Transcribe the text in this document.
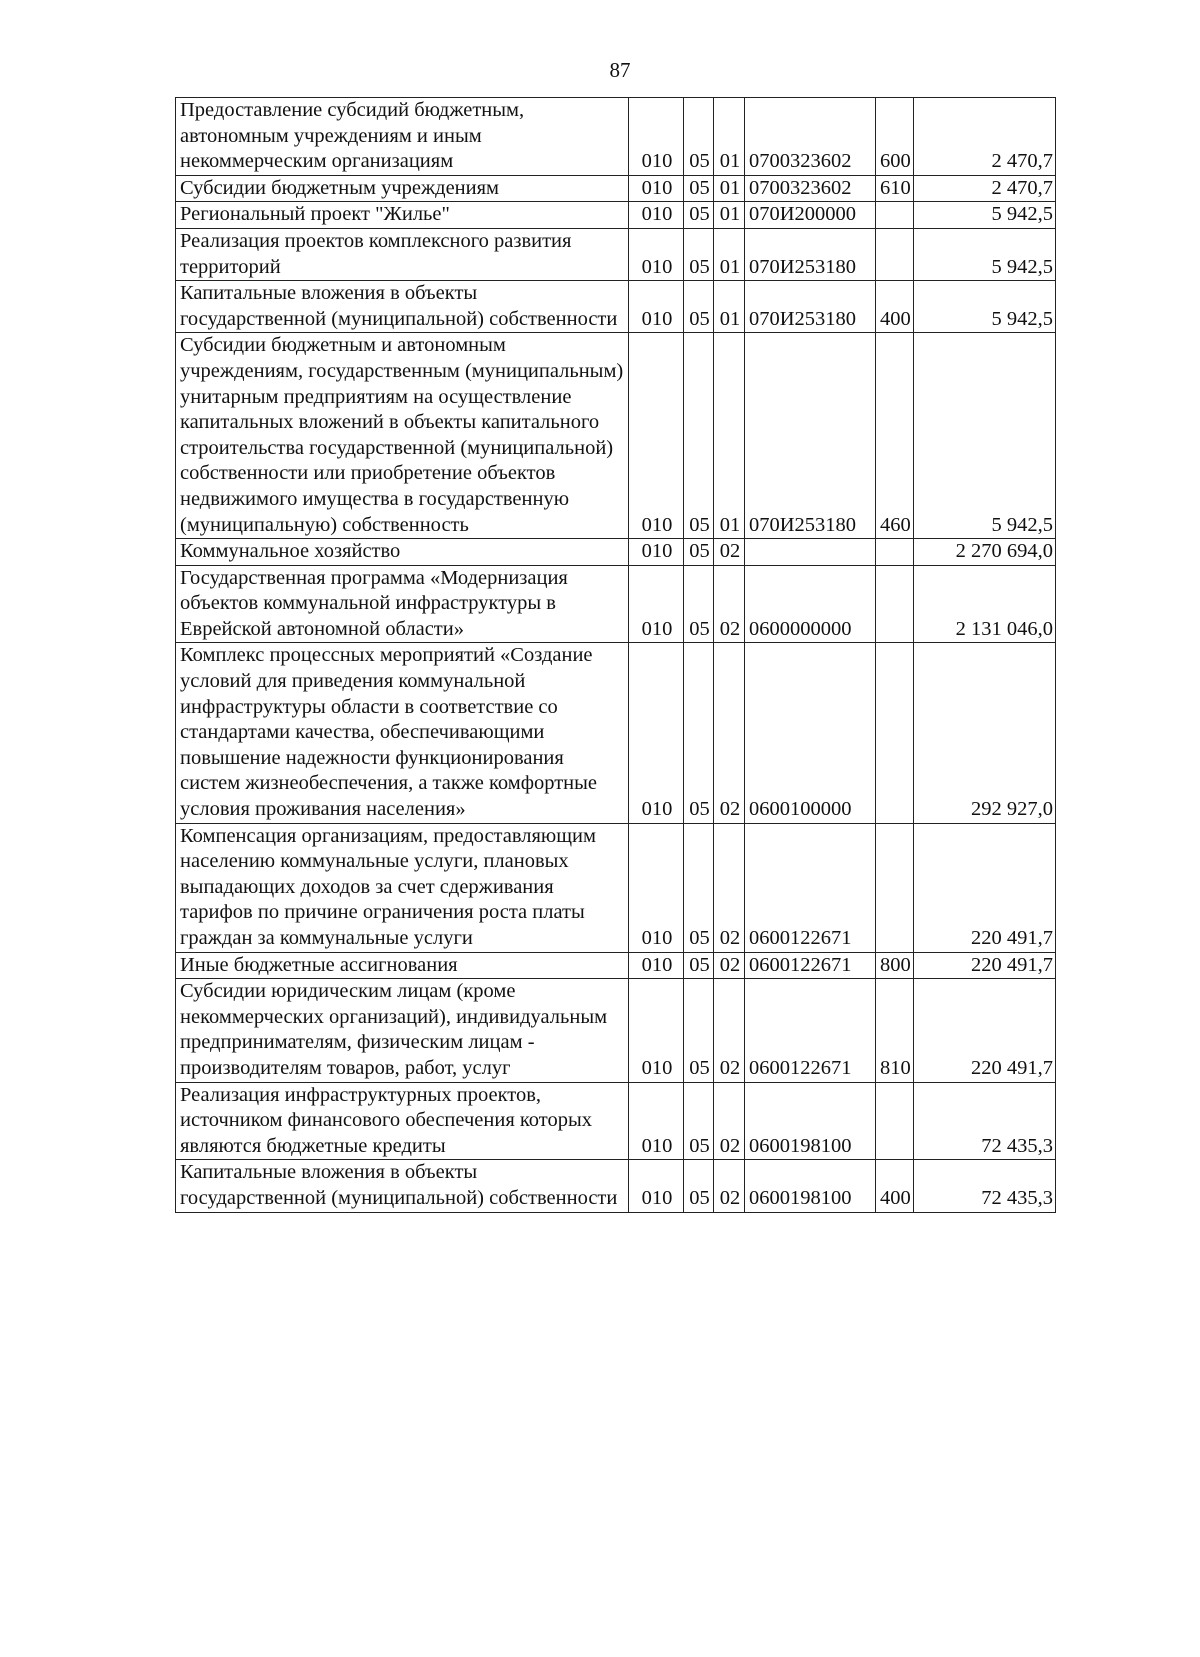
87
Предоставление субсидий бюджетным, автономным учреждениям и иным некоммерческим организациям	010	05	01	0700323602	600	2 470,7
Субсидии бюджетным учреждениям	010	05	01	0700323602	610	2 470,7
Региональный проект "Жилье"	010	05	01	070И200000		5 942,5
Реализация проектов комплексного развития территорий	010	05	01	070И253180		5 942,5
Капитальные вложения в объекты государственной (муниципальной) собственности	010	05	01	070И253180	400	5 942,5
Субсидии бюджетным и автономным учреждениям, государственным (муниципальным) унитарным предприятиям на осуществление капитальных вложений в объекты капитального строительства государственной (муниципальной) собственности или приобретение объектов недвижимого имущества в государственную (муниципальную) собственность	010	05	01	070И253180	460	5 942,5
Коммунальное хозяйство	010	05	02			2 270 694,0
Государственная программа «Модернизация объектов коммунальной инфраструктуры в Еврейской автономной области»	010	05	02	0600000000		2 131 046,0
Комплекс процессных мероприятий «Создание условий для приведения коммунальной инфраструктуры области в соответствие со стандартами качества, обеспечивающими повышение надежности функционирования систем жизнеобеспечения, а также комфортные условия проживания населения»	010	05	02	0600100000		292 927,0
Компенсация организациям, предоставляющим населению коммунальные услуги, плановых выпадающих доходов за счет сдерживания тарифов по причине ограничения роста платы граждан за коммунальные услуги	010	05	02	0600122671		220 491,7
Иные бюджетные ассигнования	010	05	02	0600122671	800	220 491,7
Субсидии юридическим лицам (кроме некоммерческих организаций), индивидуальным предпринимателям, физическим лицам - производителям товаров, работ, услуг	010	05	02	0600122671	810	220 491,7
Реализация инфраструктурных проектов, источником финансового обеспечения которых являются бюджетные кредиты	010	05	02	0600198100		72 435,3
Капитальные вложения в объекты государственной (муниципальной) собственности	010	05	02	0600198100	400	72 435,3
